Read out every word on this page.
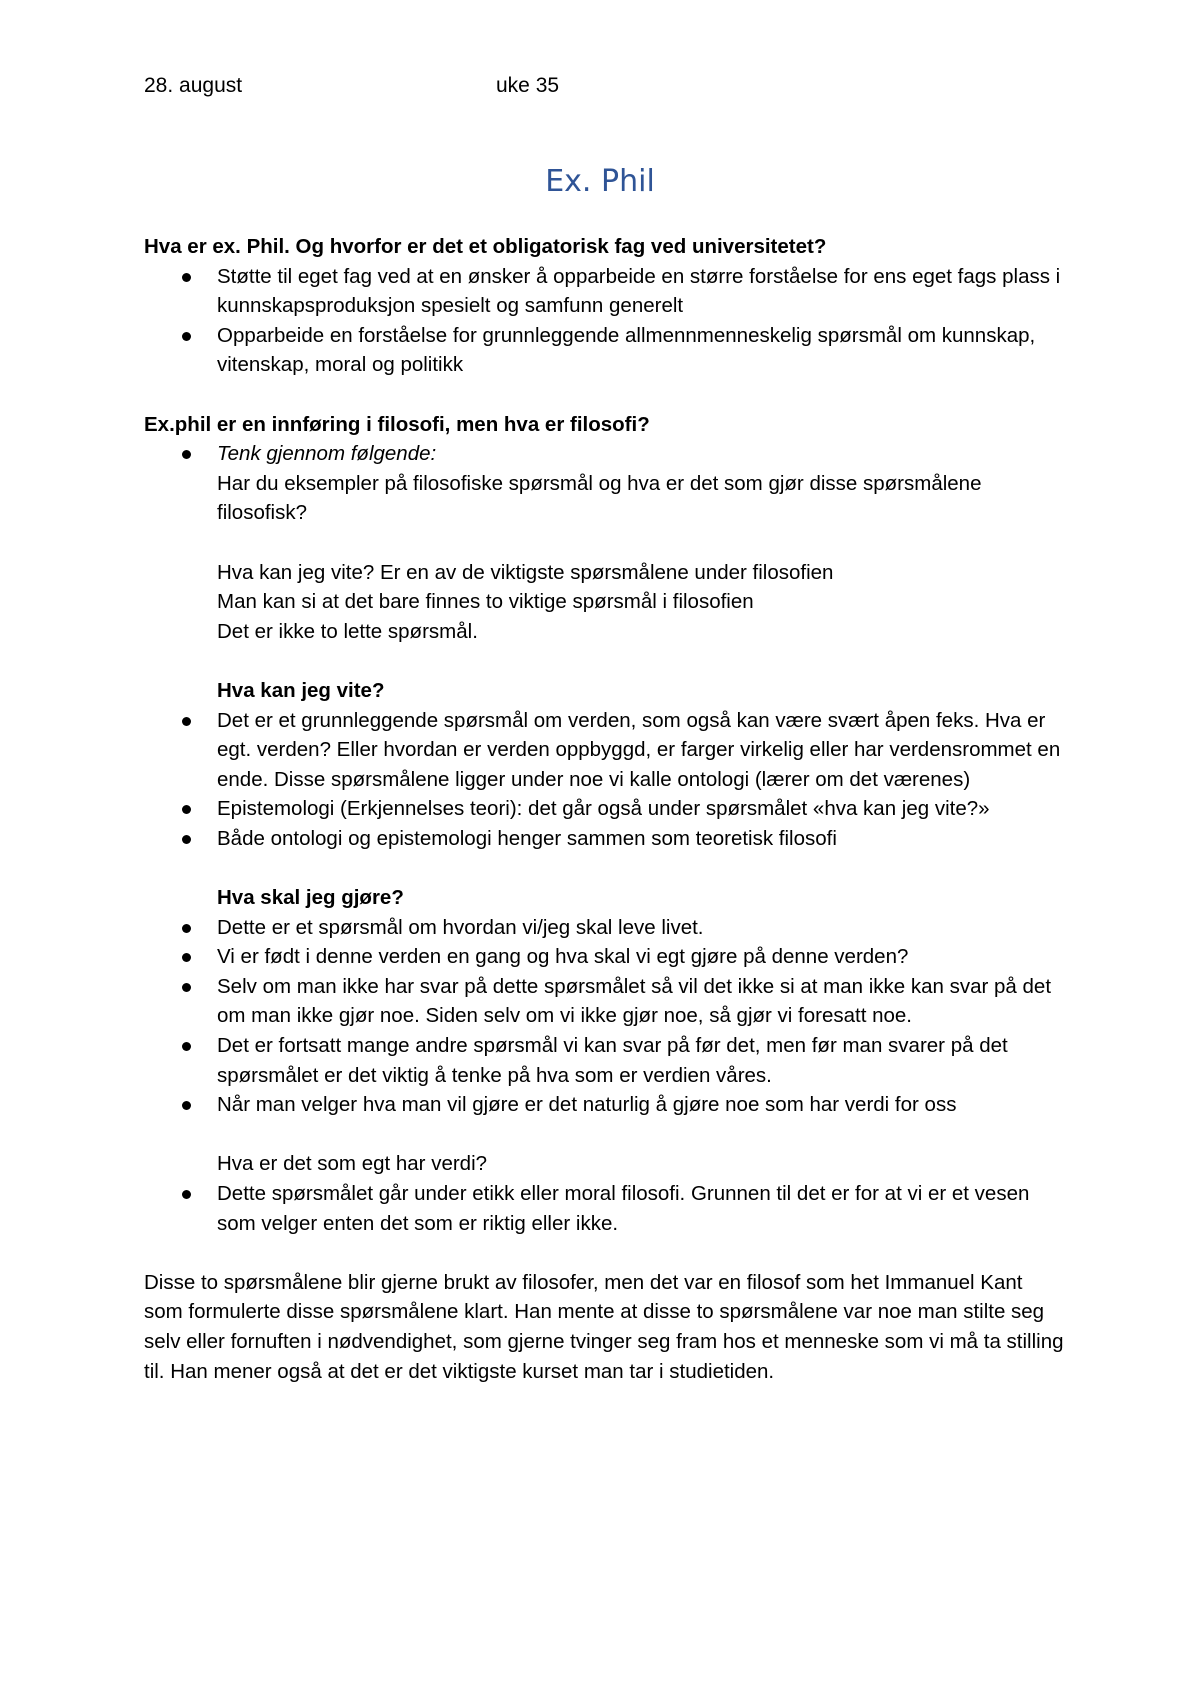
28. august	uke 35
Ex. Phil

Hva er ex. Phil. Og hvorfor er det et obligatorisk fag ved universitetet?

Støtte til eget fag ved at en ønsker å opparbeide en større forståelse for ens eget fags plass i kunnskapsproduksjon spesielt og samfunn generelt
Opparbeide en forståelse for grunnleggende allmennmenneskelig spørsmål om kunnskap, vitenskap, moral og politikk

Ex.phil er en innføring i filosofi, men hva er filosofi?

Tenk gjennom følgende:
Har du eksempler på filosofiske spørsmål og hva er det som gjør disse spørsmålene filosofisk?
Hva kan jeg vite? Er en av de viktigste spørsmålene under filosofien
Man kan si at det bare finnes to viktige spørsmål i filosofien
Det er ikke to lette spørsmål.
Hva kan jeg vite?
Det er et grunnleggende spørsmål om verden, som også kan være svært åpen feks. Hva er egt. verden? Eller hvordan er verden oppbyggd, er farger virkelig eller har verdensrommet en ende. Disse spørsmålene ligger under noe vi kalle ontologi (lærer om det værenes)
Epistemologi (Erkjennelses teori): det går også under spørsmålet «hva kan jeg vite?»
Både ontologi og epistemologi henger sammen som teoretisk filosofi
Hva skal jeg gjøre?
Dette er et spørsmål om hvordan vi/jeg skal leve livet.
Vi er født i denne verden en gang og hva skal vi egt gjøre på denne verden?
Selv om man ikke har svar på dette spørsmålet så vil det ikke si at man ikke kan svar på det om man ikke gjør noe. Siden selv om vi ikke gjør noe, så gjør vi foresatt noe.
Det er fortsatt mange andre spørsmål vi kan svar på før det, men før man svarer på det spørsmålet er det viktig å tenke på hva som er verdien våres.
Når man velger hva man vil gjøre er det naturlig å gjøre noe som har verdi for oss
Hva er det som egt har verdi?
Dette spørsmålet går under etikk eller moral filosofi. Grunnen til det er for at vi er et vesen som velger enten det som er riktig eller ikke.

Disse to spørsmålene blir gjerne brukt av filosofer, men det var en filosof som het Immanuel Kant som formulerte disse spørsmålene klart. Han mente at disse to spørsmålene var noe man stilte seg selv eller fornuften i nødvendighet, som gjerne tvinger seg fram hos et menneske som vi må ta stilling til. Han mener også at det er det viktigste kurset man tar i studietiden.
